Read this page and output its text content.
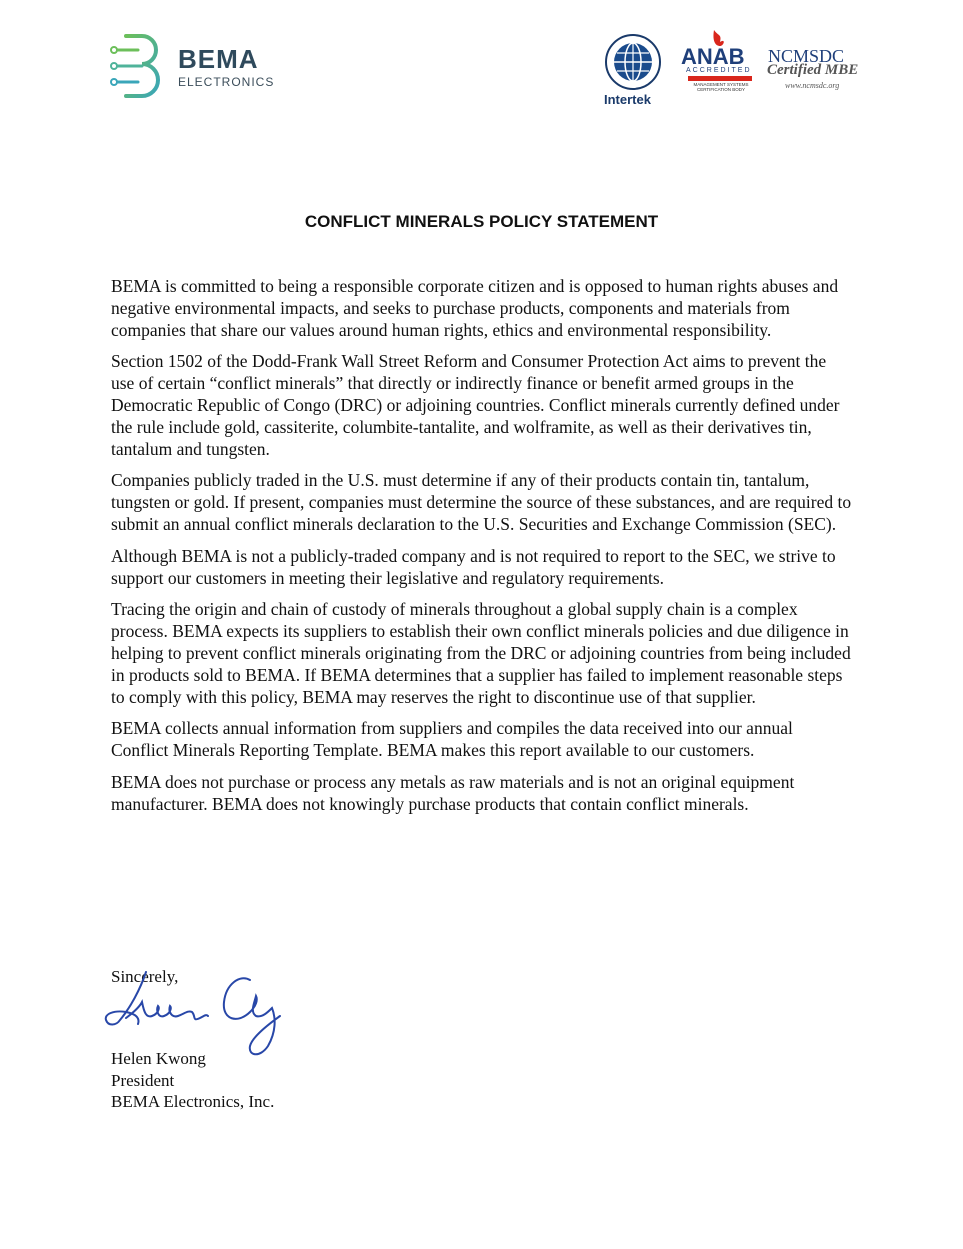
BEMA
ELECTRONICS
Intertek
ANAB
ACCREDITED
MANAGEMENT SYSTEMS CERTIFICATION BODY
NCMSDC
Certified MBE
www.ncmsdc.org
CONFLICT MINERALS POLICY STATEMENT

BEMA is committed to being a responsible corporate citizen and is opposed to human rights abuses and negative environmental impacts, and seeks to purchase products, components and materials from companies that share our values around human rights, ethics and environmental responsibility.

Section 1502 of the Dodd-Frank Wall Street Reform and Consumer Protection Act aims to prevent the use of certain “conflict minerals” that directly or indirectly finance or benefit armed groups in the Democratic Republic of Congo (DRC) or adjoining countries. Conflict minerals currently defined under the rule include gold, cassiterite, columbite-tantalite, and wolframite, as well as their derivatives tin, tantalum and tungsten.

Companies publicly traded in the U.S. must determine if any of their products contain tin, tantalum, tungsten or gold. If present, companies must determine the source of these substances, and are required to submit an annual conflict minerals declaration to the U.S. Securities and Exchange Commission (SEC).

Although BEMA is not a publicly-traded company and is not required to report to the SEC, we strive to support our customers in meeting their legislative and regulatory requirements.

Tracing the origin and chain of custody of minerals throughout a global supply chain is a complex process. BEMA expects its suppliers to establish their own conflict minerals policies and due diligence in helping to prevent conflict minerals originating from the DRC or adjoining countries from being included in products sold to BEMA. If BEMA determines that a supplier has failed to implement reasonable steps to comply with this policy, BEMA may reserves the right to discontinue use of that supplier.

BEMA collects annual information from suppliers and compiles the data received into our annual Conflict Minerals Reporting Template. BEMA makes this report available to our customers.

BEMA does not purchase or process any metals as raw materials and is not an original equipment manufacturer. BEMA does not knowingly purchase products that contain conflict minerals.

Sincerely,
Helen Kwong
President
BEMA Electronics, Inc.
